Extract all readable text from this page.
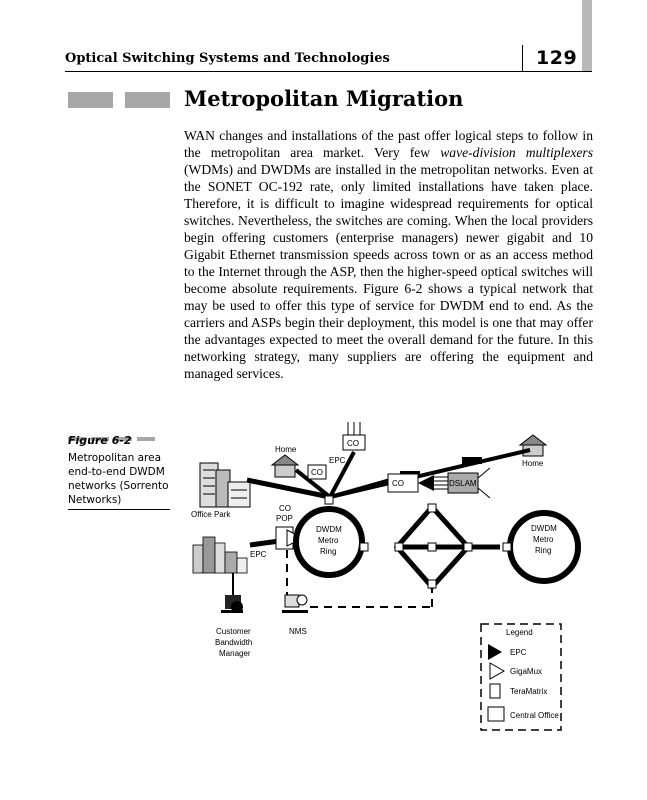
Optical Switching Systems and Technologies	129
Metropolitan Migration
WAN changes and installations of the past offer logical steps to follow in the metropolitan area market. Very few wave-division multiplexers (WDMs) and DWDMs are installed in the metropolitan networks. Even at the SONET OC-192 rate, only limited installations have taken place. Therefore, it is difficult to imagine widespread requirements for optical switches. Nevertheless, the switches are coming. When the local providers begin offering customers (enterprise managers) newer gigabit and 10 Gigabit Ethernet transmission speeds across town or as an access method to the Internet through the ASP, then the higher-speed optical switches will become absolute requirements. Figure 6-2 shows a typical network that may be used to offer this type of service for DWDM end to end. As the carriers and ASPs begin their deployment, this model is one that may offer the advantages expected to meet the overall demand for the future. In this networking strategy, many suppliers are offering the equipment and managed services.
Figure 6-2
Metropolitan area end-to-end DWDM networks (Sorrento Networks)
Office Park
EPC
Home
Home
CO
EPC
CO
CO	DSLAM
CO
POP
DWDM
Metro
Ring
DWDM
Metro
Ring
Customer
Bandwidth
Manager
NMS	Legend
EPC
GigaMux
TeraMatrix
Central Office
